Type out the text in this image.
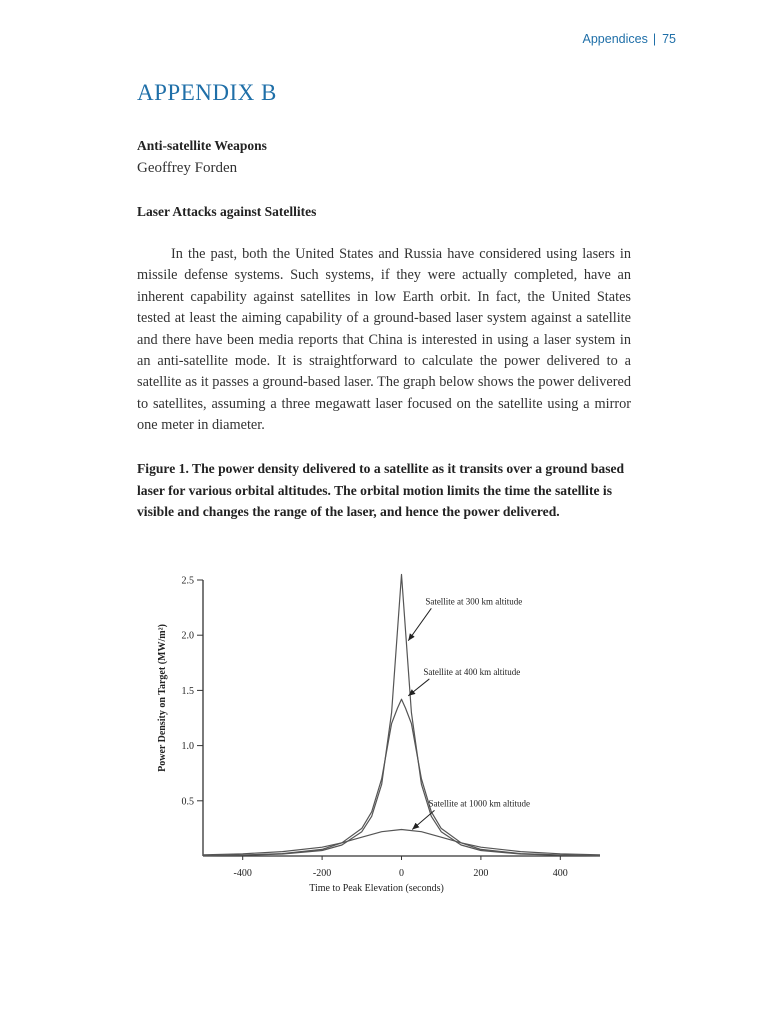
Appendices | 75
APPENDIX B
Anti-satellite Weapons
Geoffrey Forden
Laser Attacks against Satellites

In the past, both the United States and Russia have considered using lasers in missile defense systems. Such systems, if they were actually completed, have an inherent capability against satellites in low Earth orbit. In fact, the United States tested at least the aiming capability of a ground-based laser system against a satellite and there have been media reports that China is interested in using a laser system in an anti-satellite mode. It is straightforward to calculate the power delivered to a satellite as it passes a ground-based laser. The graph below shows the power delivered to satellites, assuming a three megawatt laser focused on the satellite using a mirror one meter in diameter.

Figure 1. The power density delivered to a satellite as it transits over a ground based laser for various orbital altitudes. The orbital motion limits the time the satellite is visible and changes the range of the laser, and hence the power delivered.

0.5
1.0
1.5
2.0
2.5
-400	-200	0	200	400
Time to Peak Elevation (seconds)
Power Density on Target (MW/m²)
Satellite at 300 km altitude
Satellite at 400 km altitude
Satellite at 1000 km altitude
